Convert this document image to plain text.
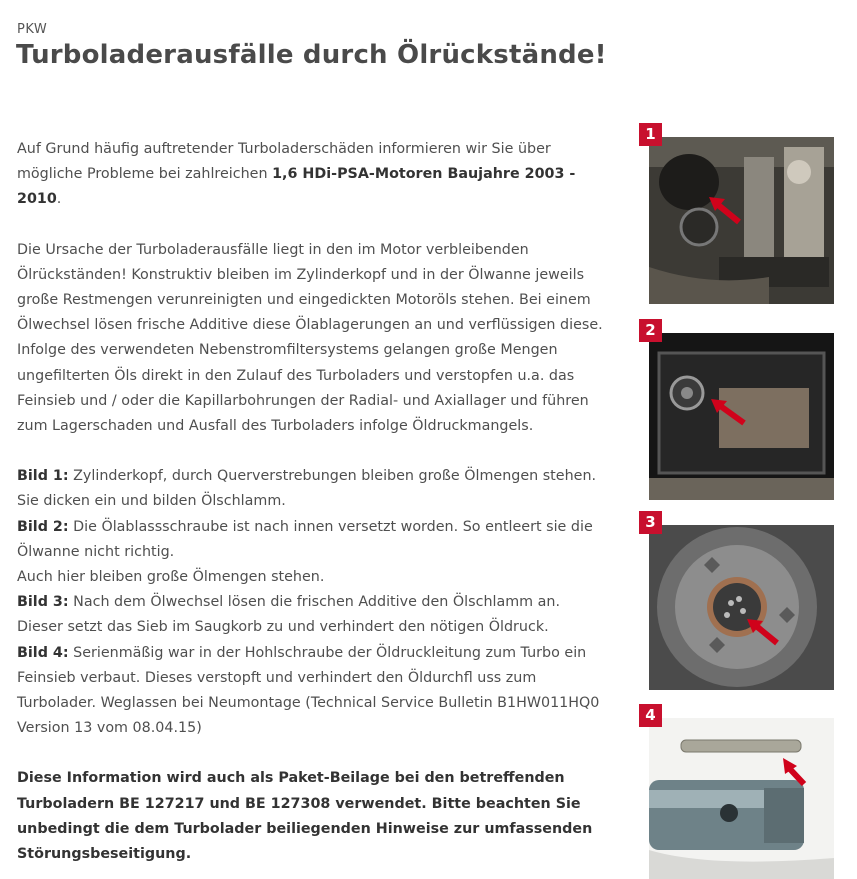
PKW
Turboladerausfälle durch Ölrückstände!

Auf Grund häufig auftretender Turboladerschäden informieren wir Sie über mögliche Probleme bei zahlreichen 1,6 HDi-PSA-Motoren Baujahre 2003 - 2010.

Die Ursache der Turboladerausfälle liegt in den im Motor verbleibenden Ölrückständen! Konstruktiv bleiben im Zylinderkopf und in der Ölwanne jeweils große Restmengen verunreinigten und eingedickten Motoröls stehen. Bei einem Ölwechsel lösen frische Additive diese Ölablagerungen an und verflüssigen diese. Infolge des verwendeten Nebenstromfiltersystems gelangen große Mengen ungefilterten Öls direkt in den Zulauf des Turboladers und verstopfen u.a. das Feinsieb und / oder die Kapillarbohrungen der Radial- und Axiallager und führen zum Lagerschaden und Ausfall des Turboladers infolge Öldruckmangels.

Bild 1: Zylinderkopf, durch Querverstrebungen bleiben große Ölmengen stehen.
Sie dicken ein und bilden Ölschlamm.
Bild 2: Die Ölablassschraube ist nach innen versetzt worden. So entleert sie die
Ölwanne nicht richtig.
Auch hier bleiben große Ölmengen stehen.
Bild 3: Nach dem Ölwechsel lösen die frischen Additive den Ölschlamm an.
Dieser setzt das Sieb im Saugkorb zu und verhindert den nötigen Öldruck.
Bild 4: Serienmäßig war in der Hohlschraube der Öldruckleitung zum Turbo ein
Feinsieb verbaut. Dieses verstopft und verhindert den Öldurchfl uss zum
Turbolader. Weglassen bei Neumontage (Technical Service Bulletin B1HW011HQ0
Version 13 vom 08.04.15)
Diese Information wird auch als Paket-Beilage bei den betreffenden
Turboladern BE 127217 und BE 127308 verwendet. Bitte beachten Sie
unbedingt die dem Turbolader beiliegenden Hinweise zur umfassenden
Störungsbeseitigung.
1
2
3
4
